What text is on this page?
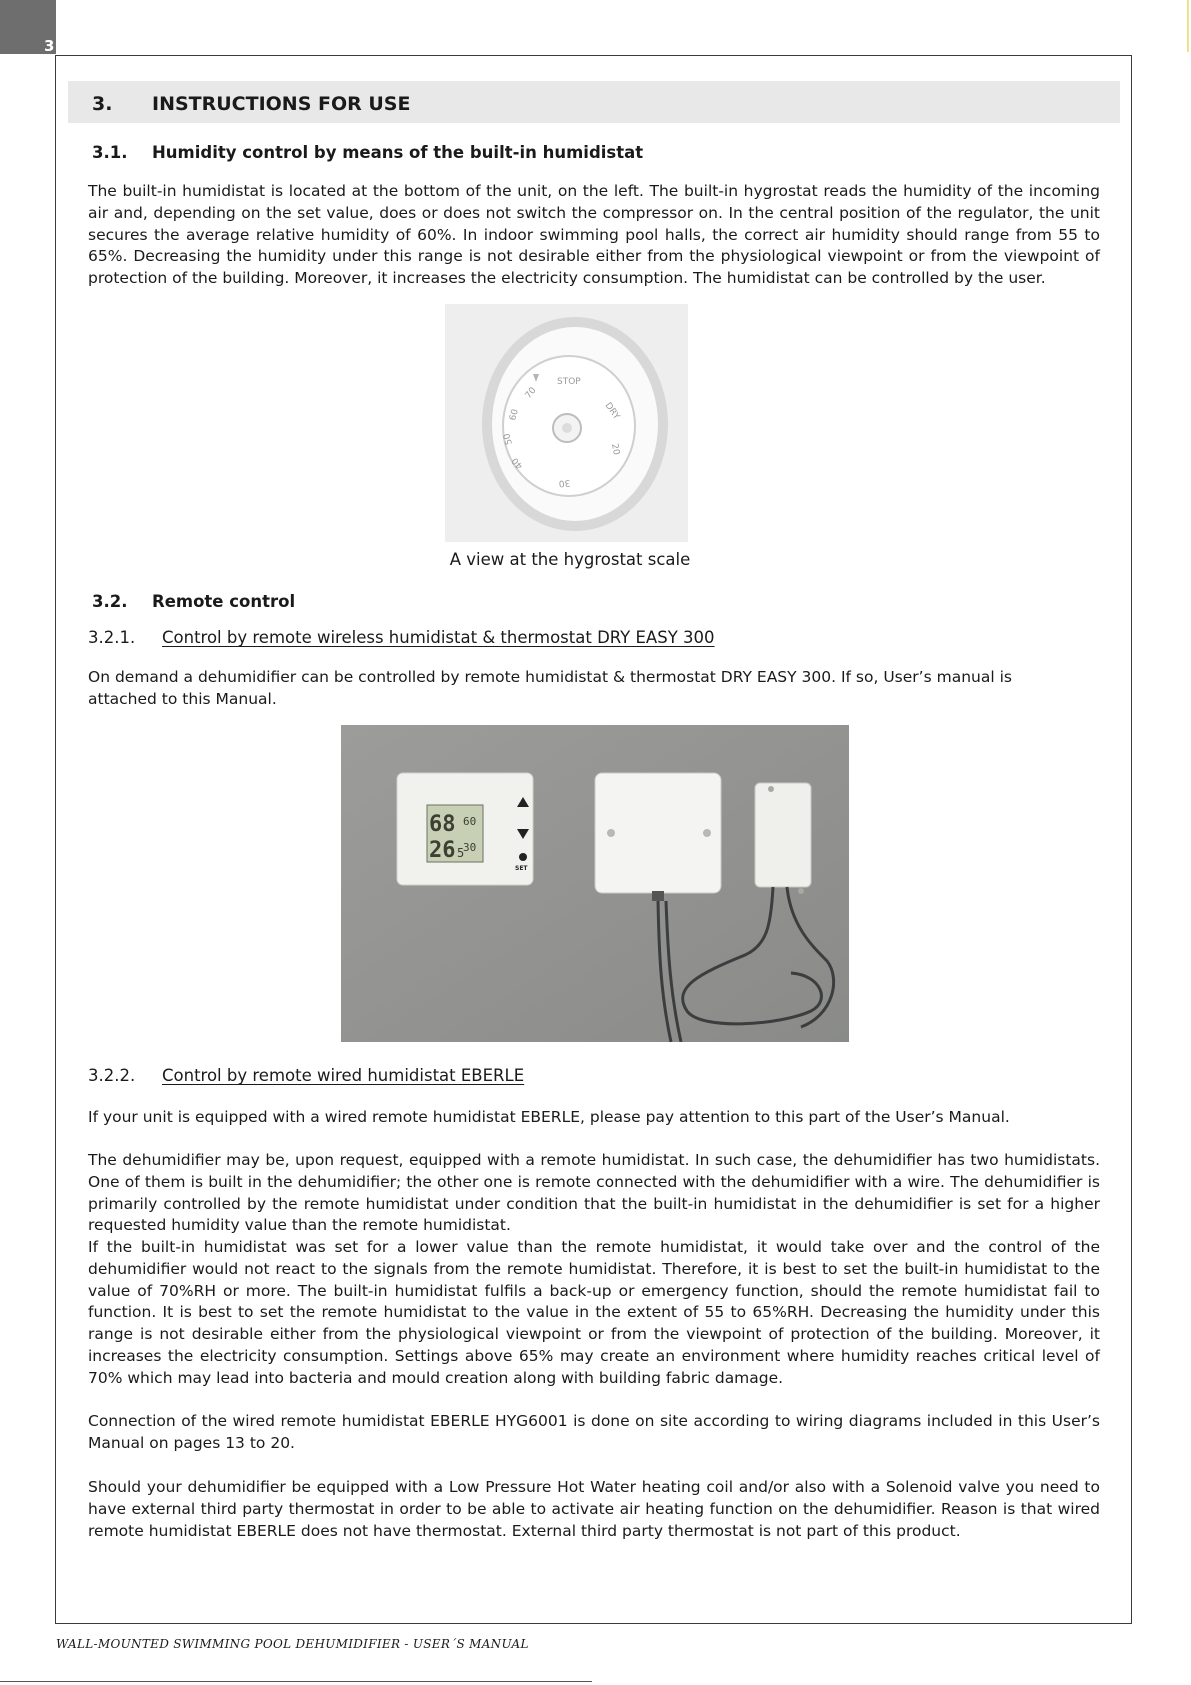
3
3. INSTRUCTIONS FOR USE
3.1. Humidity control by means of the built-in humidistat

The built-in humidistat is located at the bottom of the unit, on the left. The built-in hygrostat reads the humidity of the incoming air and, depending on the set value, does or does not switch the compressor on. In the central position of the regulator, the unit secures the average relative humidity of 60%. In indoor swimming pool halls, the correct air humidity should range from 55 to 65%. Decreasing the humidity under this range is not desirable either from the physiological viewpoint or from the viewpoint of protection of the building. Moreover, it increases the electricity consumption. The humidistat can be controlled by the user.

STOP
DRY
20
30
40
50
60
70
A view at the hygrostat scale
3.2. Remote control
3.2.1. Control by remote wireless humidistat & thermostat DRY EASY 300

On demand a dehumidifier can be controlled by remote humidistat & thermostat DRY EASY 300. If so, User’s manual is attached to this Manual.

68
26 5
60
30
SET
3.2.2. Control by remote wired humidistat EBERLE

If your unit is equipped with a wired remote humidistat EBERLE, please pay attention to this part of the User’s Manual.

The dehumidifier may be, upon request, equipped with a remote humidistat. In such case, the dehumidifier has two humidistats. One of them is built in the dehumidifier; the other one is remote connected with the dehumidifier with a wire. The dehumidifier is primarily controlled by the remote humidistat under condition that the built-in humidistat in the dehumidifier is set for a higher requested humidity value than the remote humidistat.

If the built-in humidistat was set for a lower value than the remote humidistat, it would take over and the control of the dehumidifier would not react to the signals from the remote humidistat. Therefore, it is best to set the built-in humidistat to the value of 70%RH or more. The built-in humidistat fulfils a back-up or emergency function, should the remote humidistat fail to function. It is best to set the remote humidistat to the value in the extent of 55 to 65%RH. Decreasing the humidity under this range is not desirable either from the physiological viewpoint or from the viewpoint of protection of the building. Moreover, it increases the electricity consumption. Settings above 65% may create an environment where humidity reaches critical level of 70% which may lead into bacteria and mould creation along with building fabric damage.

Connection of the wired remote humidistat EBERLE HYG6001 is done on site according to wiring diagrams included in this User’s Manual on pages 13 to 20.

Should your dehumidifier be equipped with a Low Pressure Hot Water heating coil and/or also with a Solenoid valve you need to have external third party thermostat in order to be able to activate air heating function on the dehumidifier. Reason is that wired remote humidistat EBERLE does not have thermostat. External third party thermostat is not part of this product.

WALL-MOUNTED SWIMMING POOL DEHUMIDIFIER - USER´S MANUAL
